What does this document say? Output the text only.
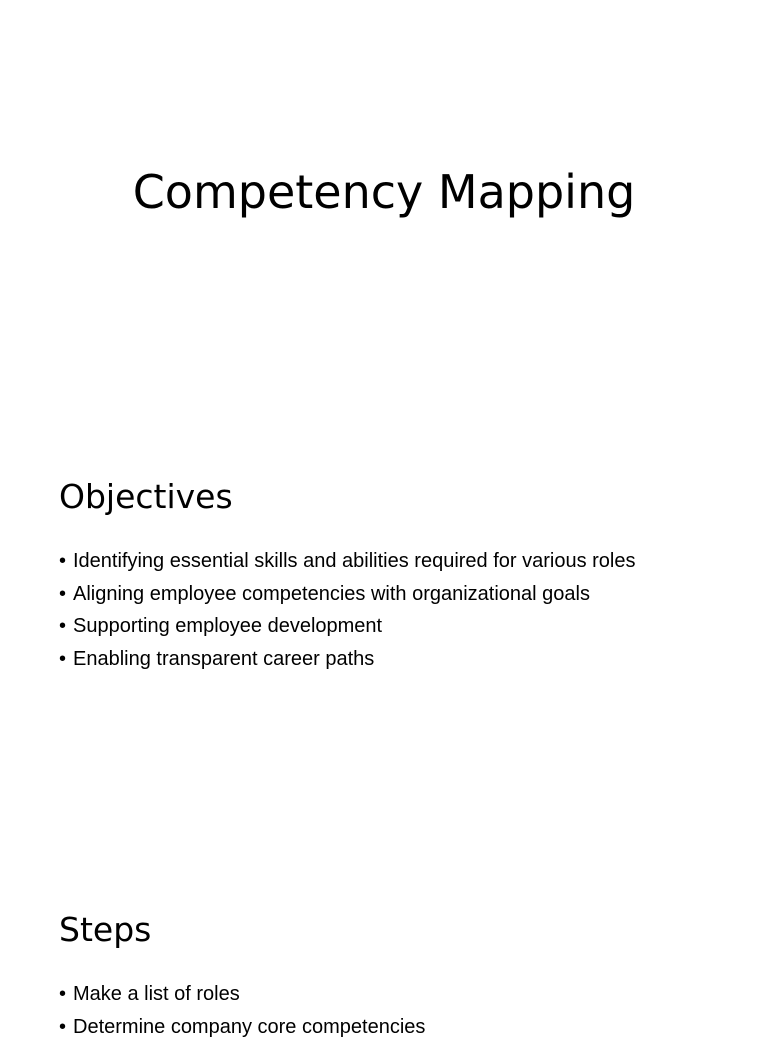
Competency Mapping
Objectives
• Identifying essential skills and abilities required for various roles
• Aligning employee competencies with organizational goals
• Supporting employee development
• Enabling transparent career paths
Steps
• Make a list of roles
• Determine company core competencies
